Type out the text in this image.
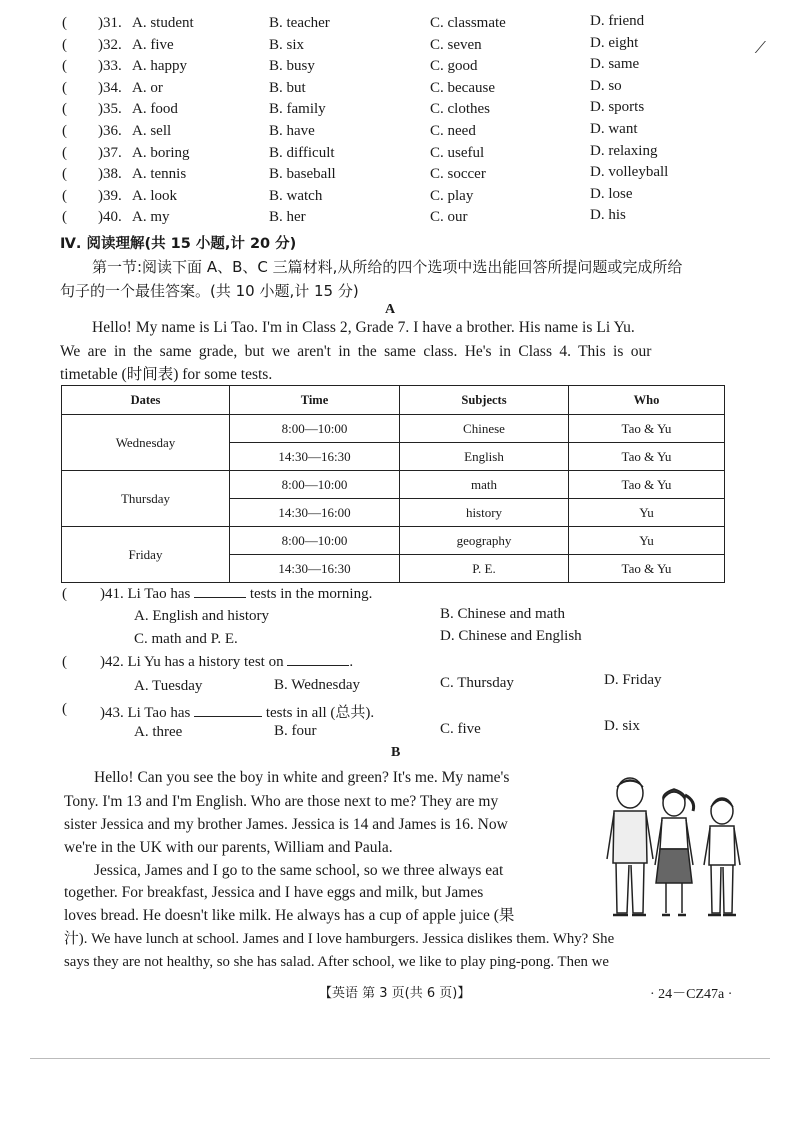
⟋
( )31. A. student	B. teacher	C. classmate	D. friend
( )32. A. five	B. six	C. seven	D. eight
( )33. A. happy	B. busy	C. good	D. same
( )34. A. or	B. but	C. because	D. so
( )35. A. food	B. family	C. clothes	D. sports
( )36. A. sell	B. have	C. need	D. want
( )37. A. boring	B. difficult	C. useful	D. relaxing
( )38. A. tennis	B. baseball	C. soccer	D. volleyball
( )39. A. look	B. watch	C. play	D. lose
( )40. A. my	B. her	C. our	D. his
Ⅳ. 阅读理解(共 15 小题,计 20 分)
第一节:阅读下面 A、B、C 三篇材料,从所给的四个选项中选出能回答所提问题或完成所给
句子的一个最佳答案。(共 10 小题,计 15 分)
A
Hello! My name is Li Tao. I'm in Class 2, Grade 7. I have a brother. His name is Li Yu.
We are in the same grade, but we aren't in the same class. He's in Class 4. This is our
timetable (时间表) for some tests.
Dates	Time	Subjects	Who
Wednesday	8:00—10:00	Chinese	Tao & Yu
	14:30—16:30	English	Tao & Yu
Thursday	8:00—10:00	math	Tao & Yu
	14:30—16:00	history	Yu
Friday	8:00—10:00	geography	Yu
	14:30—16:30	P. E.	Tao & Yu
( )41. Li Tao has	tests in the morning.
A. English and history	B. Chinese and math
C. math and P. E.	D. Chinese and English
( )42. Li Yu has a history test on	.
A. Tuesday	B. Wednesday	C. Thursday	D. Friday
( )43. Li Tao has	tests in all (总共).
A. three	B. four	C. five	D. six
B
Hello! Can you see the boy in white and green? It's me. My name's
Tony. I'm 13 and I'm English. Who are those next to me? They are my
sister Jessica and my brother James. Jessica is 14 and James is 16. Now
we're in the UK with our parents, William and Paula.
Jessica, James and I go to the same school, so we three always eat
together. For breakfast, Jessica and I have eggs and milk, but James
loves bread. He doesn't like milk. He always has a cup of apple juice (果
汁). We have lunch at school. James and I love hamburgers. Jessica dislikes them. Why? She
says they are not healthy, so she has salad. After school, we like to play ping-pong. Then we
【英语 第 3 页(共 6 页)】	· 24－CZ47a ·
